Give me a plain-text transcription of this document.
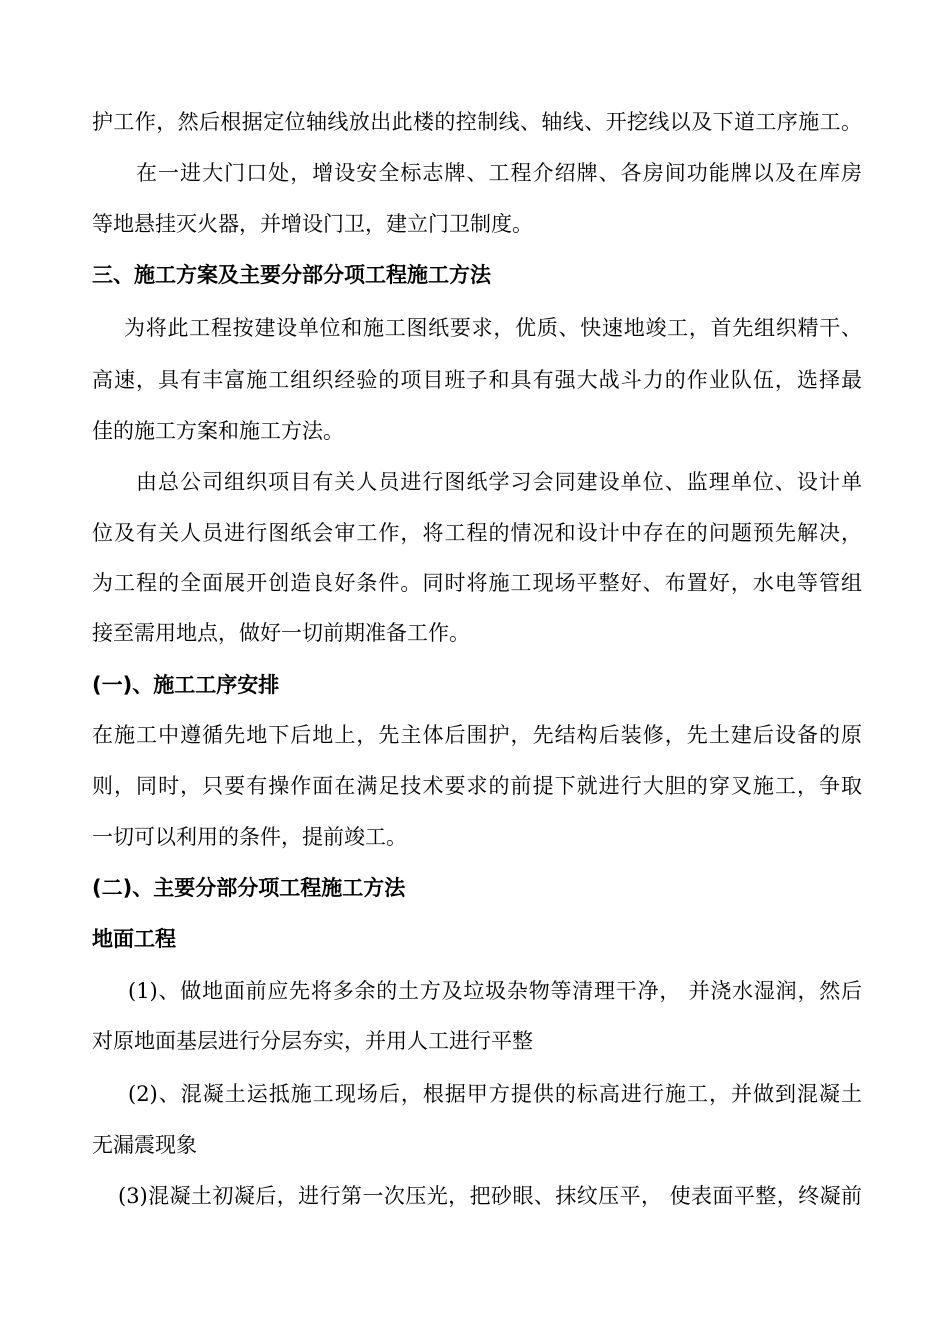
护工作，然后根据定位轴线放出此楼的控制线、轴线、开挖线以及下道工序施工。
在一进大门口处，增设安全标志牌、工程介绍牌、各房间功能牌以及在库房
等地悬挂灭火器，并增设门卫，建立门卫制度。
三、施工方案及主要分部分项工程施工方法
为将此工程按建设单位和施工图纸要求，优质、快速地竣工，首先组织精干、
高速，具有丰富施工组织经验的项目班子和具有强大战斗力的作业队伍，选择最
佳的施工方案和施工方法。
由总公司组织项目有关人员进行图纸学习会同建设单位、监理单位、设计单
位及有关人员进行图纸会审工作，将工程的情况和设计中存在的问题预先解决，
为工程的全面展开创造良好条件。同时将施工现场平整好、布置好，水电等管组
接至需用地点，做好一切前期准备工作。
(一)、施工工序安排
在施工中遵循先地下后地上，先主体后围护，先结构后装修，先土建后设备的原
则，同时，只要有操作面在满足技术要求的前提下就进行大胆的穿叉施工，争取
一切可以利用的条件，提前竣工。
(二)、主要分部分项工程施工方法
地面工程
(1)、做地面前应先将多余的土方及垃圾杂物等清理干净， 并浇水湿润，然后
对原地面基层进行分层夯实，并用人工进行平整
(2)、混凝土运抵施工现场后，根据甲方提供的标高进行施工，并做到混凝土
无漏震现象
(3)混凝土初凝后，进行第一次压光，把砂眼、抹纹压平， 使表面平整，终凝前
